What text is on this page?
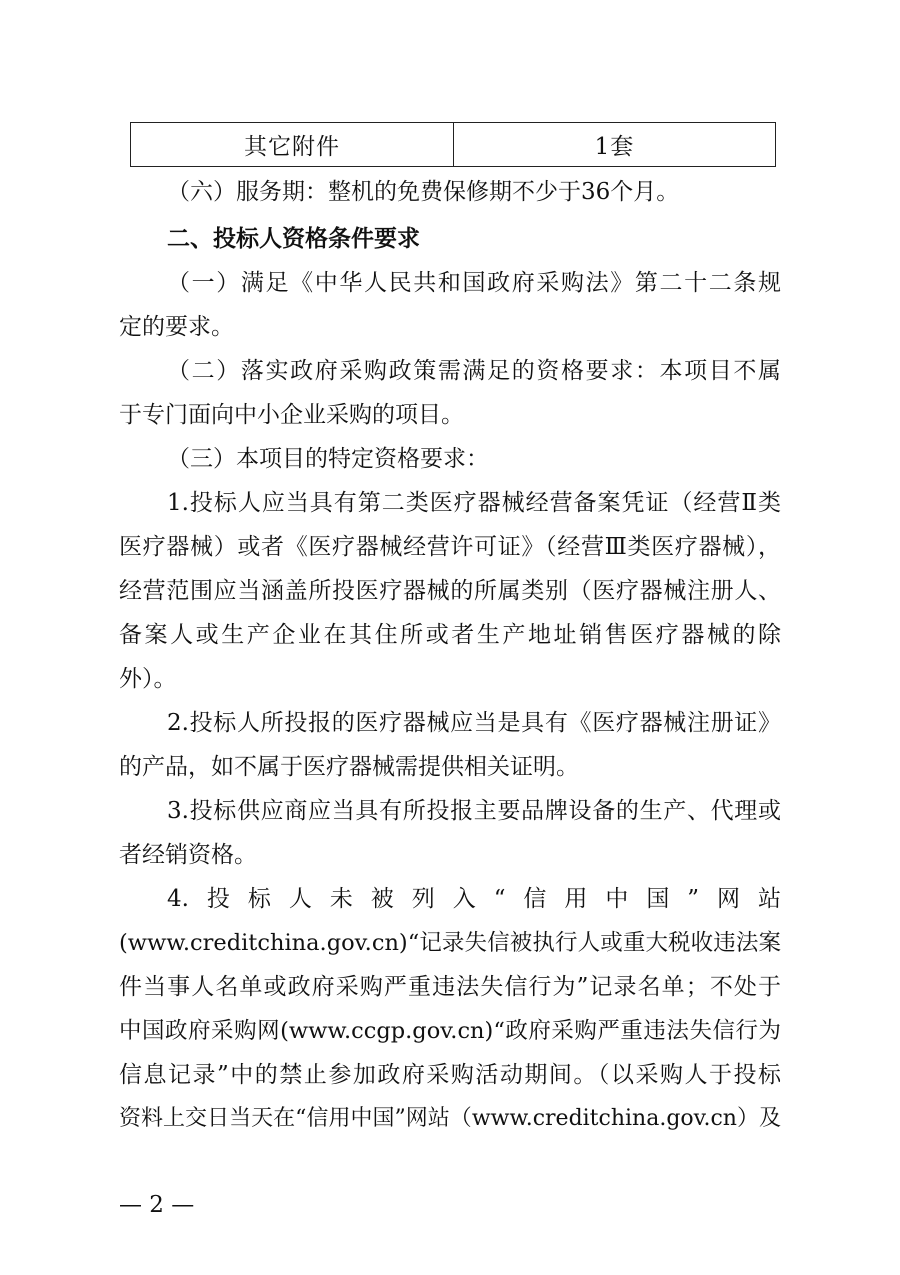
其它附件	1套
（六）服务期：整机的免费保修期不少于36个月。
二、投标人资格条件要求
（一）满足《中华人民共和国政府采购法》第二十二条规
定的要求。
（二）落实政府采购政策需满足的资格要求：本项目不属
于专门面向中小企业采购的项目。
（三）本项目的特定资格要求：
1.投标人应当具有第二类医疗器械经营备案凭证（经营Ⅱ类
医疗器械）或者《医疗器械经营许可证》（经营Ⅲ类医疗器械），
经营范围应当涵盖所投医疗器械的所属类别（医疗器械注册人、
备案人或生产企业在其住所或者生产地址销售医疗器械的除
外）。
2.投标人所投报的医疗器械应当是具有《医疗器械注册证》
的产品，如不属于医疗器械需提供相关证明。
3.投标供应商应当具有所投报主要品牌设备的生产、代理或
者经销资格。
4.投标人未被列入“信用中国”网站
(www.creditchina.gov.cn)“记录失信被执行人或重大税收违法案
件当事人名单或政府采购严重违法失信行为”记录名单；不处于
中国政府采购网(www.ccgp.gov.cn)“政府采购严重违法失信行为
信息记录”中的禁止参加政府采购活动期间。（以采购人于投标
资料上交日当天在“信用中国”网站（www.creditchina.gov.cn）及
— 2 —
